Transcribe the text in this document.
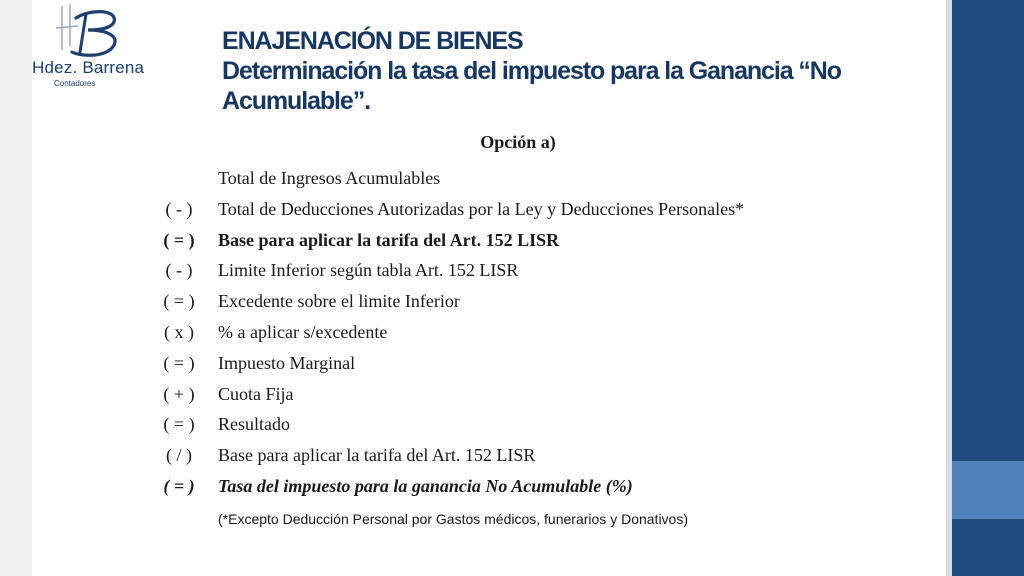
Hdez. Barrena
Contadores
ENAJENACIÓN DE BIENES
Determinación la tasa del impuesto para la Ganancia “No
Acumulable”.
Opción a)
Total de Ingresos Acumulables
( - )	Total de Deducciones Autorizadas por la Ley y Deducciones Personales*
( = )	Base para aplicar la tarifa del Art. 152 LISR
( - )	Limite Inferior según tabla Art. 152 LISR
( = )	Excedente sobre el limite Inferior
( x )	% a aplicar s/excedente
( = )	Impuesto Marginal
( + )	Cuota Fija
( = )	Resultado
( / )	Base para aplicar la tarifa del Art. 152 LISR
( = )	Tasa del impuesto para la ganancia No Acumulable (%)
(*Excepto Deducción Personal por Gastos médicos, funerarios y Donativos)
